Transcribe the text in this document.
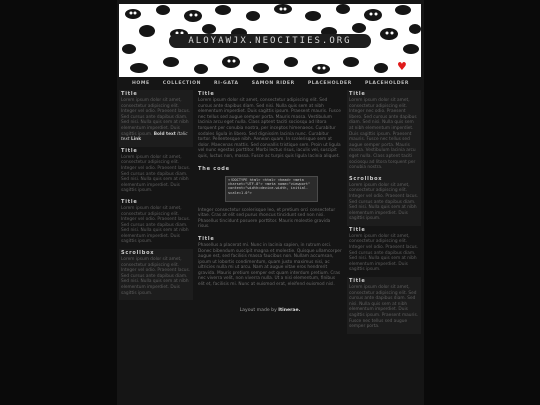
ALOYAWJX.NEOCITIES.ORG
♥
HOME	COLLECTION	RI-GATA	SAMON RIDER	PLACEHOLDER	PLACEHOLDER
Title

Lorem ipsum dolor sit amet, consectetur adipiscing elit. Integer vel odio. Praesent lacus. Sed cursus ante dapibus diam. Sed nisi. Nulla quis sem at nibh elementum imperdiet. Duis sagittis ipsum. Bold text Italic text Link

Title

Lorem ipsum dolor sit amet, consectetur adipiscing elit. Integer vel odio. Praesent lacus. Sed cursus ante dapibus diam. Sed nisi. Nulla quis sem at nibh elementum imperdiet. Duis sagittis ipsum.

Title

Lorem ipsum dolor sit amet, consectetur adipiscing elit. Integer vel odio. Praesent lacus. Sed cursus ante dapibus diam. Sed nisi. Nulla quis sem at nibh elementum imperdiet. Duis sagittis ipsum.

Scrollbox

Lorem ipsum dolor sit amet, consectetur adipiscing elit. Integer vel odio. Praesent lacus. Sed cursus ante dapibus diam. Sed nisi. Nulla quis sem at nibh elementum imperdiet. Duis sagittis ipsum.

Title

Lorem ipsum dolor sit amet, consectetur adipiscing elit. Sed cursus ante dapibus diam. Sed nisi. Nulla quis sem at nibh elementum imperdiet. Duis sagittis ipsum. Praesent mauris. Fusce nec tellus sed augue semper porta. Mauris massa. Vestibulum lacinia arcu eget nulla. Class aptent taciti sociosqu ad litora torquent per conubia nostra, per inceptos himenaeos. Curabitur sodales ligula in libero. Sed dignissim lacinia nunc. Curabitur tortor. Pellentesque nibh. Aenean quam. In scelerisque sem at dolor. Maecenas mattis. Sed convallis tristique sem. Proin ut ligula vel nunc egestas porttitor. Morbi lectus risus, iaculis vel, suscipit quis, luctus non, massa. Fusce ac turpis quis ligula lacinia aliquet.

The code
<!DOCTYPE html> <html> <head> <meta charset="UTF-8"> <meta name="viewport" content="width=device-width, initial-scale=1.0">

Integer consectetur scelerisque leo, et pretium orci consectetur vitae. Cras at elit sed purus rhoncus tincidunt sed non nisi. Phasellus tincidunt posuere porttitor. Mauris molestie gravida risus.

Title

Phasellus a placerat mi. Nunc in lacinia sapien, in rutrum orci. Donec bibendum suscipit magna et molestie. Quisque ullamcorper augue est, sed facilisis massa faucibus non. Nullam accumsan, ipsum ut lobortis condimentum, quam justo maximus nisi, ac ultricies nulla mi ut arcu. Nam at augue vitae eros hendrerit gravida. Mauris pretium semper est quam interdum pretium. Cras nec viverra velit, non viverra nulla. Ut a nisi elementum, finibus elit et, facilisis mi. Nunc at euismod erat, eleifend euismod nisl.

Layout made by Itinerae.
Title

Lorem ipsum dolor sit amet, consectetur adipiscing elit. Integer nec odio. Praesent libero. Sed cursus ante dapibus diam. Sed nisi. Nulla quis sem at nibh elementum imperdiet. Duis sagittis ipsum. Praesent mauris. Fusce nec tellus sed augue semper porta. Mauris massa. Vestibulum lacinia arcu eget nulla. Class aptent taciti sociosqu ad litora torquent per conubia nostra.

Scrollbox

Lorem ipsum dolor sit amet, consectetur adipiscing elit. Integer vel odio. Praesent lacus. Sed cursus ante dapibus diam. Sed nisi. Nulla quis sem at nibh elementum imperdiet. Duis sagittis ipsum.

Title

Lorem ipsum dolor sit amet, consectetur adipiscing elit. Integer vel odio. Praesent lacus. Sed cursus ante dapibus diam. Sed nisi. Nulla quis sem at nibh elementum imperdiet. Duis sagittis ipsum.

Title

Lorem ipsum dolor sit amet, consectetur adipiscing elit. Sed cursus ante dapibus diam. Sed nisi. Nulla quis sem at nibh elementum imperdiet. Duis sagittis ipsum. Praesent mauris. Fusce nec tellus sed augue semper porta.
